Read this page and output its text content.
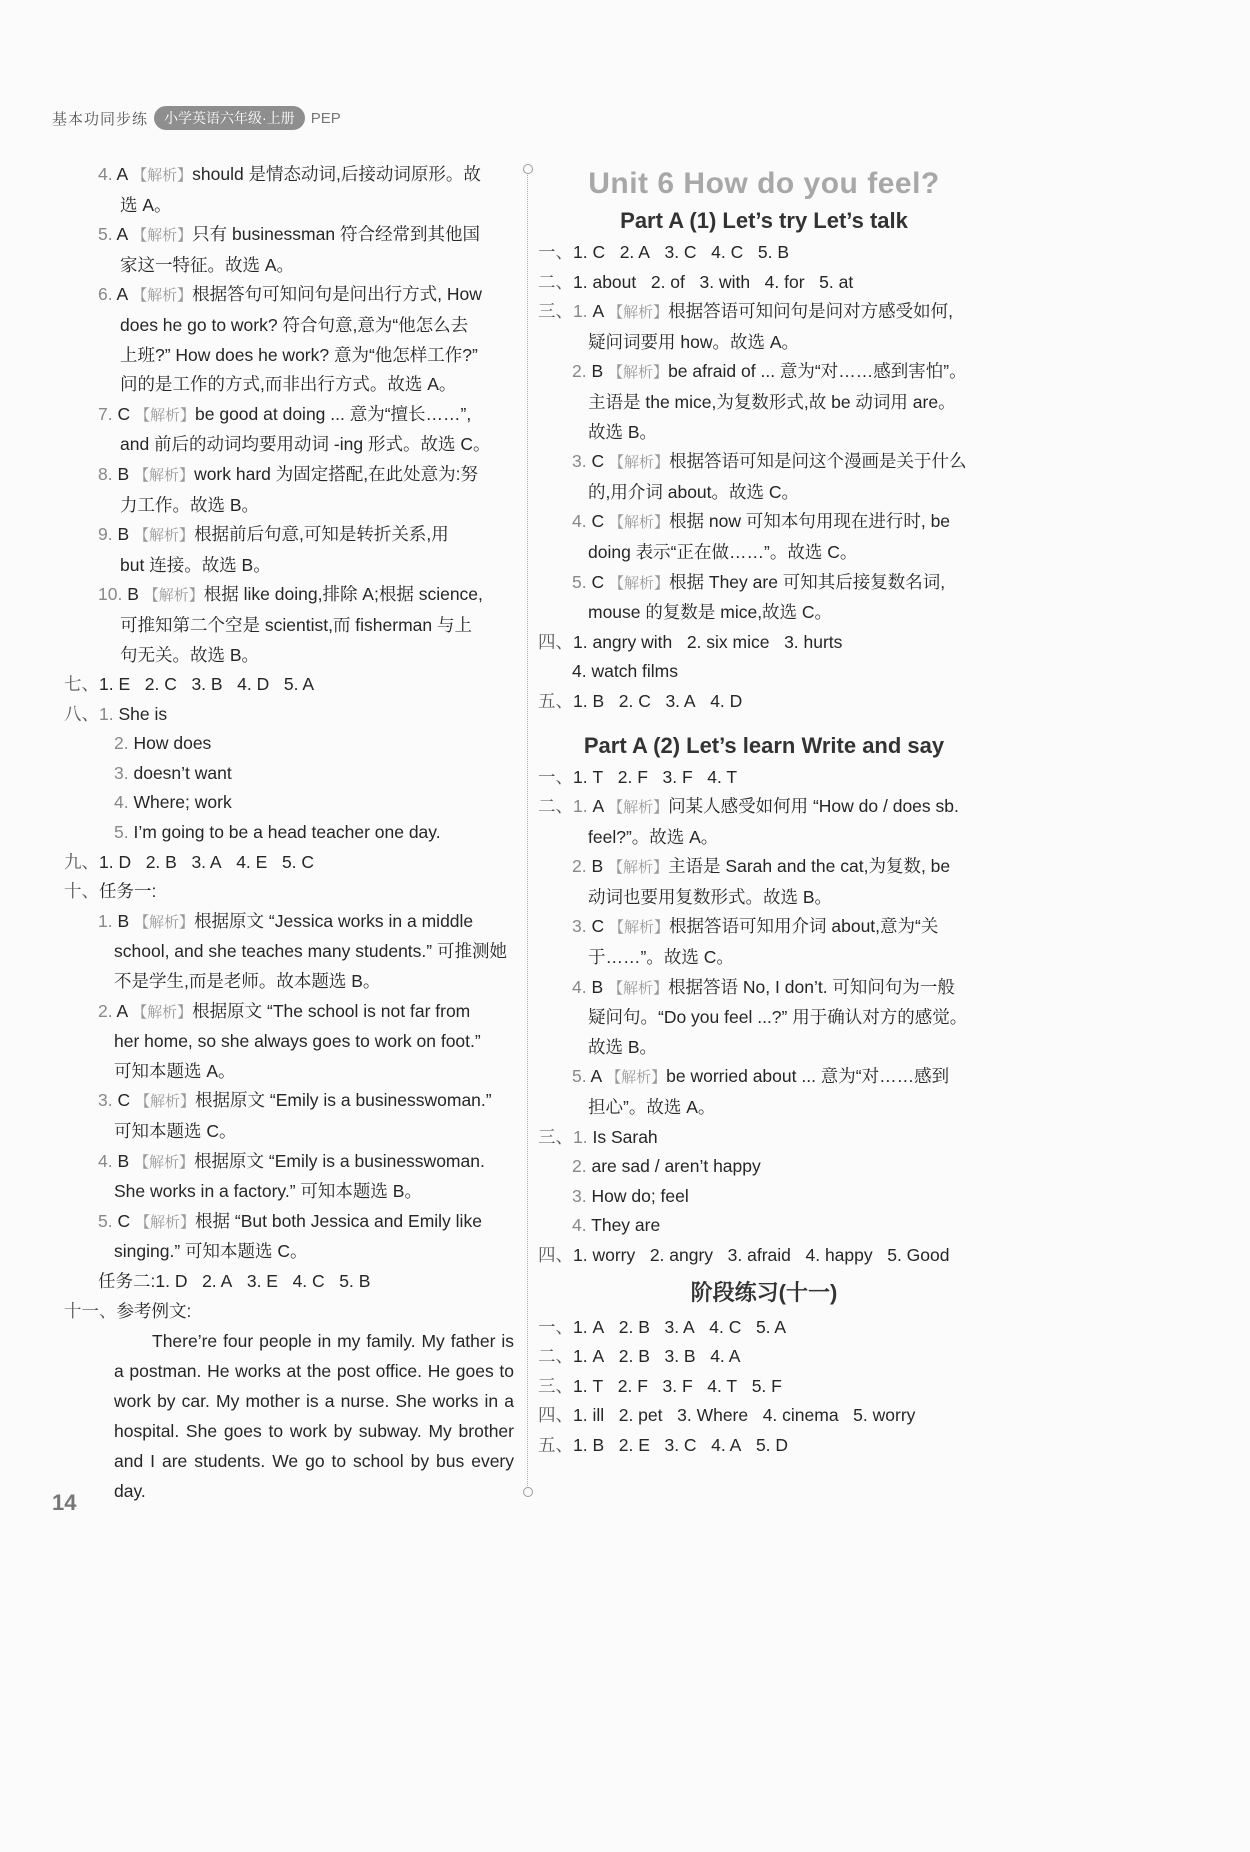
基本功同步练	小学英语六年级·上册	PEP
4. A 【解析】should 是情态动词,后接动词原形。故
选 A。
5. A 【解析】只有 businessman 符合经常到其他国
家这一特征。故选 A。
6. A 【解析】根据答句可知问句是问出行方式, How
does he go to work? 符合句意,意为“他怎么去
上班?” How does he work? 意为“他怎样工作?”
问的是工作的方式,而非出行方式。故选 A。
7. C 【解析】be good at doing ... 意为“擅长……”,
and 前后的动词均要用动词 -ing 形式。故选 C。
8. B 【解析】work hard 为固定搭配,在此处意为:努
力工作。故选 B。
9. B 【解析】根据前后句意,可知是转折关系,用
but 连接。故选 B。
10. B 【解析】根据 like doing,排除 A;根据 science,
可推知第二个空是 scientist,而 fisherman 与上
句无关。故选 B。
七、1. E 2. C 3. B 4. D 5. A
八、1. She is
2. How does
3. doesn’t want
4. Where; work
5. I’m going to be a head teacher one day.
九、1. D 2. B 3. A 4. E 5. C
十、任务一:
1. B 【解析】根据原文 “Jessica works in a middle
school, and she teaches many students.” 可推测她
不是学生,而是老师。故本题选 B。
2. A 【解析】根据原文 “The school is not far from
her home, so she always goes to work on foot.”
可知本题选 A。
3. C 【解析】根据原文 “Emily is a businesswoman.”
可知本题选 C。
4. B 【解析】根据原文 “Emily is a businesswoman.
She works in a factory.” 可知本题选 B。
5. C 【解析】根据 “But both Jessica and Emily like
singing.” 可知本题选 C。
任务二:1. D 2. A 3. E 4. C 5. B
十一、参考例文:

There’re four people in my family. My father is a postman. He works at the post office. He goes to work by car. My mother is a nurse. She works in a hospital. She goes to work by subway. My brother and I are students. We go to school by bus every day.

Unit 6 How do you feel?
Part A (1) Let’s try Let’s talk
一、1. C 2. A 3. C 4. C 5. B
二、1. about 2. of 3. with 4. for 5. at
三、1. A 【解析】根据答语可知问句是问对方感受如何,
疑问词要用 how。故选 A。
2. B 【解析】be afraid of ... 意为“对……感到害怕”。
主语是 the mice,为复数形式,故 be 动词用 are。
故选 B。
3. C 【解析】根据答语可知是问这个漫画是关于什么
的,用介词 about。故选 C。
4. C 【解析】根据 now 可知本句用现在进行时, be
doing 表示“正在做……”。故选 C。
5. C 【解析】根据 They are 可知其后接复数名词,
mouse 的复数是 mice,故选 C。
四、1. angry with 2. six mice 3. hurts
4. watch films
五、1. B 2. C 3. A 4. D
Part A (2) Let’s learn Write and say
一、1. T 2. F 3. F 4. T
二、1. A 【解析】问某人感受如何用 “How do / does sb.
feel?”。故选 A。
2. B 【解析】主语是 Sarah and the cat,为复数, be
动词也要用复数形式。故选 B。
3. C 【解析】根据答语可知用介词 about,意为“关
于……”。故选 C。
4. B 【解析】根据答语 No, I don’t. 可知问句为一般
疑问句。“Do you feel ...?” 用于确认对方的感觉。
故选 B。
5. A 【解析】be worried about ... 意为“对……感到
担心”。故选 A。
三、1. Is Sarah
2. are sad / aren’t happy
3. How do; feel
4. They are
四、1. worry 2. angry 3. afraid 4. happy 5. Good
阶段练习(十一)
一、1. A 2. B 3. A 4. C 5. A
二、1. A 2. B 3. B 4. A
三、1. T 2. F 3. F 4. T 5. F
四、1. ill 2. pet 3. Where 4. cinema 5. worry
五、1. B 2. E 3. C 4. A 5. D
14
